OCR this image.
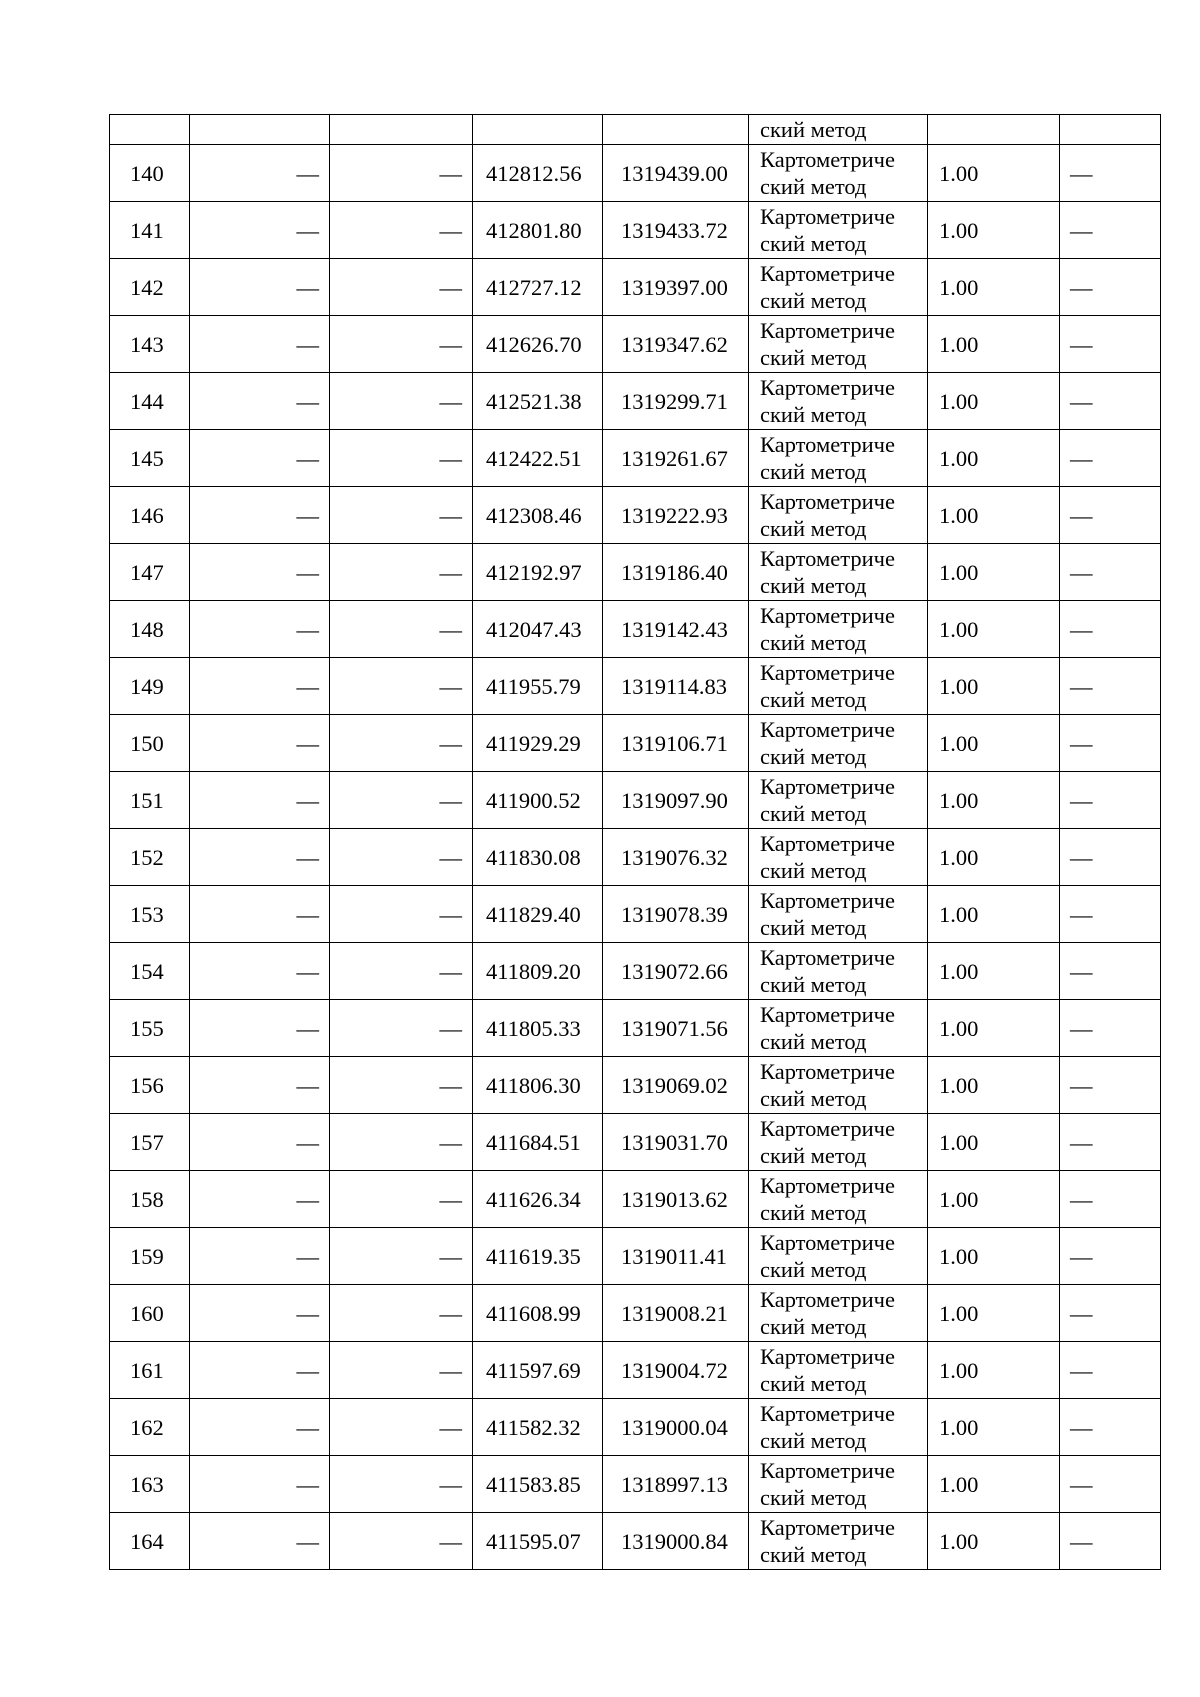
					ский метод		

140	—	—	412812.56	1319439.00	Картометриче
ский метод	1.00	—
141	—	—	412801.80	1319433.72	Картометриче
ский метод	1.00	—
142	—	—	412727.12	1319397.00	Картометриче
ский метод	1.00	—
143	—	—	412626.70	1319347.62	Картометриче
ский метод	1.00	—
144	—	—	412521.38	1319299.71	Картометриче
ский метод	1.00	—
145	—	—	412422.51	1319261.67	Картометриче
ский метод	1.00	—
146	—	—	412308.46	1319222.93	Картометриче
ский метод	1.00	—
147	—	—	412192.97	1319186.40	Картометриче
ский метод	1.00	—
148	—	—	412047.43	1319142.43	Картометриче
ский метод	1.00	—
149	—	—	411955.79	1319114.83	Картометриче
ский метод	1.00	—
150	—	—	411929.29	1319106.71	Картометриче
ский метод	1.00	—
151	—	—	411900.52	1319097.90	Картометриче
ский метод	1.00	—
152	—	—	411830.08	1319076.32	Картометриче
ский метод	1.00	—
153	—	—	411829.40	1319078.39	Картометриче
ский метод	1.00	—
154	—	—	411809.20	1319072.66	Картометриче
ский метод	1.00	—
155	—	—	411805.33	1319071.56	Картометриче
ский метод	1.00	—
156	—	—	411806.30	1319069.02	Картометриче
ский метод	1.00	—
157	—	—	411684.51	1319031.70	Картометриче
ский метод	1.00	—
158	—	—	411626.34	1319013.62	Картометриче
ский метод	1.00	—
159	—	—	411619.35	1319011.41	Картометриче
ский метод	1.00	—
160	—	—	411608.99	1319008.21	Картометриче
ский метод	1.00	—
161	—	—	411597.69	1319004.72	Картометриче
ский метод	1.00	—
162	—	—	411582.32	1319000.04	Картометриче
ский метод	1.00	—
163	—	—	411583.85	1318997.13	Картометриче
ский метод	1.00	—
164	—	—	411595.07	1319000.84	Картометриче
ский метод	1.00	—
